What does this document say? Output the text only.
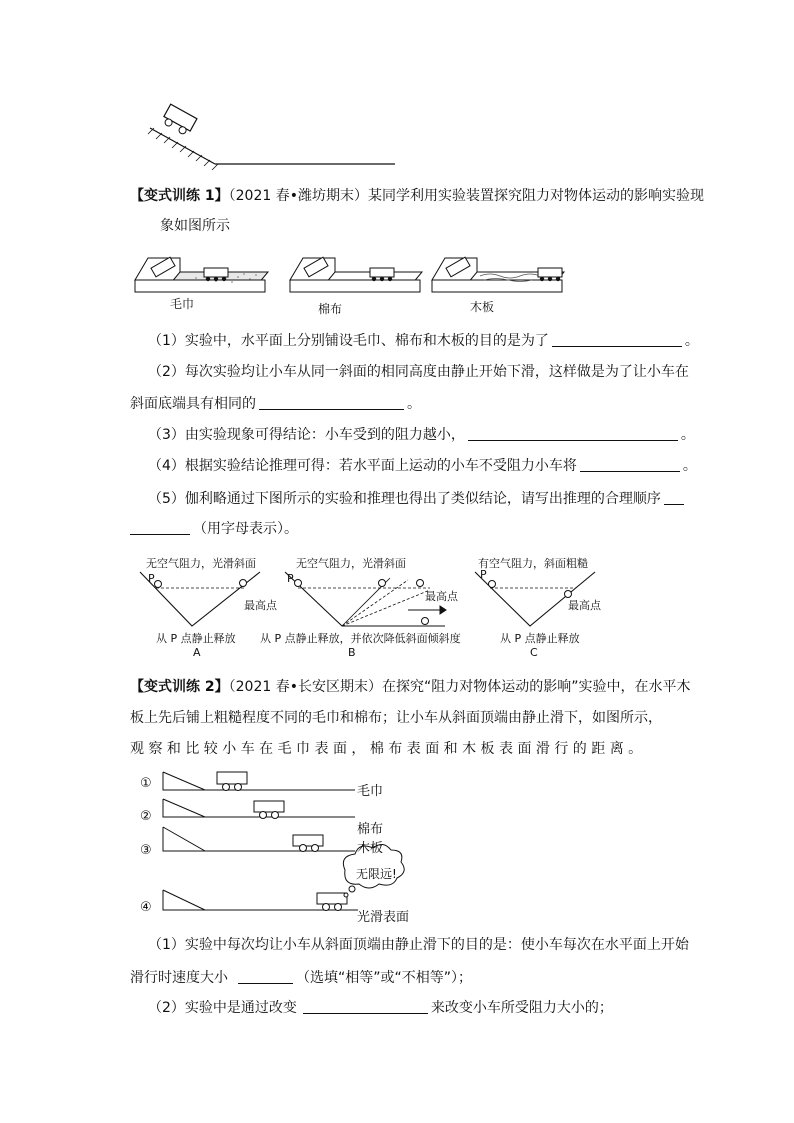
【变式训练 1】（2021 春•潍坊期末）某同学利用实验装置探究阻力对物体运动的影响实验现
象如图所示
毛巾	棉布	木板
（1）实验中，水平面上分别铺设毛巾、棉布和木板的目的是为了	。
（2）每次实验均让小车从同一斜面的相同高度由静止开始下滑，这样做是为了让小车在
斜面底端具有相同的	。
（3）由实验现象可得结论：小车受到的阻力越小，	。
（4）根据实验结论推理可得：若水平面上运动的小车不受阻力小车将	。
（5）伽利略通过下图所示的实验和推理也得出了类似结论，请写出推理的合理顺序
（用字母表示）。
无空气阻力，光滑斜面
P
最高点
从 P 点静止释放
A
无空气阻力，光滑斜面
P
最高点
从 P 点静止释放，并依次降低斜面倾斜度
B
有空气阻力，斜面粗糙
P
最高点
从 P 点静止释放
C
【变式训练 2】（2021 春•长安区期末）在探究“阻力对物体运动的影响”实验中，在水平木
板上先后铺上粗糙程度不同的毛巾和棉布；让小车从斜面顶端由静止滑下，如图所示，
观 察 和 比 较 小 车 在 毛 巾 表 面 ， 棉 布 表 面 和 木 板 表 面 滑 行 的 距 离 。
①
②
③
④
毛巾
棉布
木板
光滑表面
无限远!
（1）实验中每次均让小车从斜面顶端由静止滑下的目的是：使小车每次在水平面上开始
滑行时速度大小	（选填“相等”或“不相等”）；
（2）实验中是通过改变	来改变小车所受阻力大小的；
